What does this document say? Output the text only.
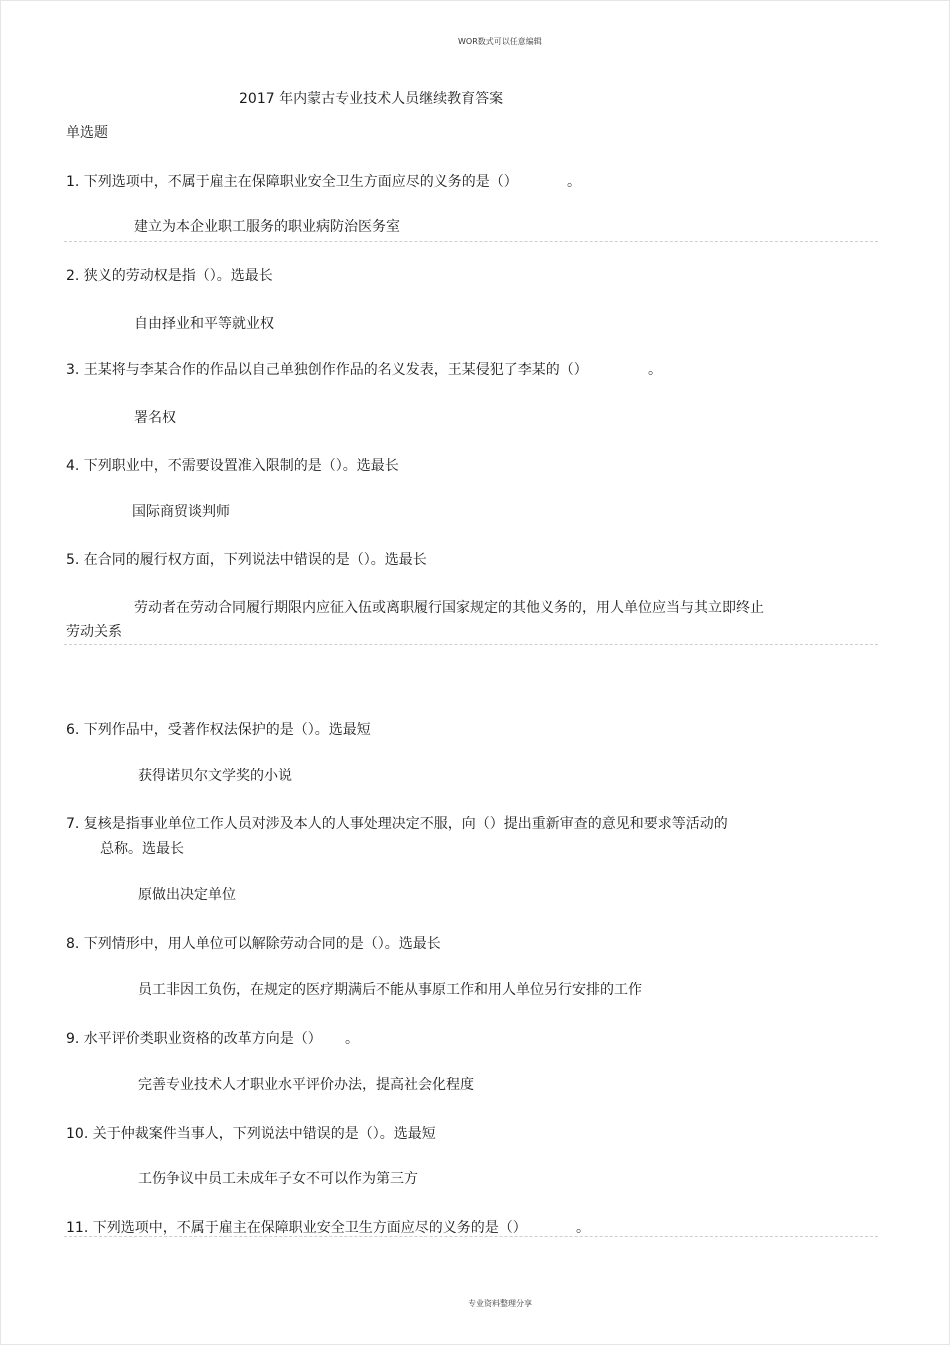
WOR数式可以任意编辑
2017 年内蒙古专业技术人员继续教育答案
单选题
1. 下列选项中，不属于雇主在保障职业安全卫生方面应尽的义务的是（）	。
建立为本企业职工服务的职业病防治医务室
2. 狭义的劳动权是指（）。选最长
自由择业和平等就业权
3. 王某将与李某合作的作品以自己单独创作作品的名义发表，王某侵犯了李某的（）	。
署名权
4. 下列职业中，不需要设置准入限制的是（）。选最长
国际商贸谈判师
5. 在合同的履行权方面，下列说法中错误的是（）。选最长
劳动者在劳动合同履行期限内应征入伍或离职履行国家规定的其他义务的，用人单位应当与其立即终止
劳动关系
6. 下列作品中，受著作权法保护的是（）。选最短
获得诺贝尔文学奖的小说
7. 复核是指事业单位工作人员对涉及本人的人事处理决定不服，向（）提出重新审查的意见和要求等活动的
总称。选最长
原做出决定单位
8. 下列情形中，用人单位可以解除劳动合同的是（）。选最长
员工非因工负伤，在规定的医疗期满后不能从事原工作和用人单位另行安排的工作
9. 水平评价类职业资格的改革方向是（） 。
完善专业技术人才职业水平评价办法，提高社会化程度
10. 关于仲裁案件当事人，下列说法中错误的是（）。选最短
工伤争议中员工未成年子女不可以作为第三方
11. 下列选项中，不属于雇主在保障职业安全卫生方面应尽的义务的是（）	。
专业资料整理分享
